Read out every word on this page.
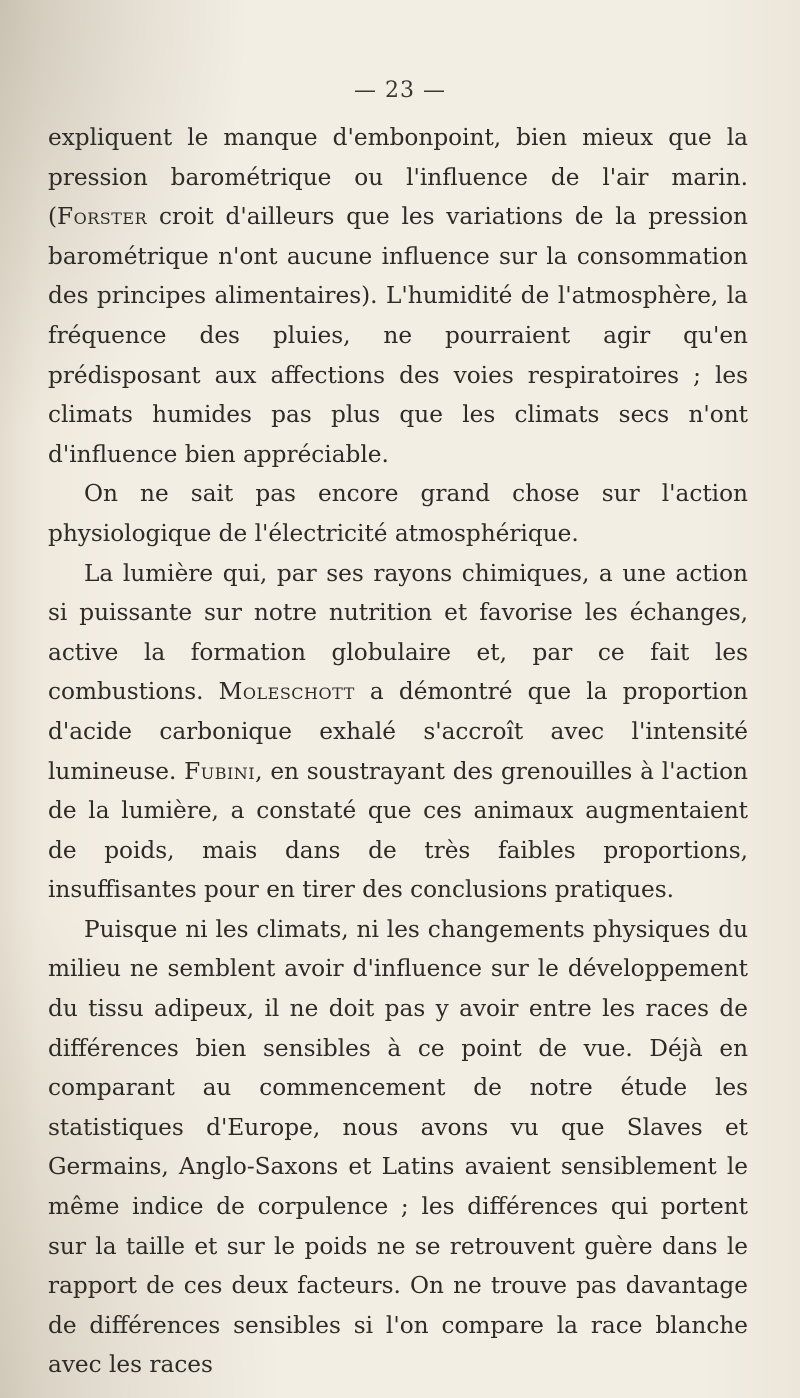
— 23 —

expliquent le manque d'embonpoint, bien mieux que la pression barométrique ou l'influence de l'air marin. (Forster croit d'ailleurs que les variations de la pression barométrique n'ont aucune influence sur la consommation des principes alimentaires). L'humidité de l'atmosphère, la fréquence des pluies, ne pourraient agir qu'en prédisposant aux affections des voies respiratoires ; les climats humides pas plus que les climats secs n'ont d'influence bien appréciable.

On ne sait pas encore grand chose sur l'action physiologique de l'électricité atmosphérique.

La lumière qui, par ses rayons chimiques, a une action si puissante sur notre nutrition et favorise les échanges, active la formation globulaire et, par ce fait les combustions. Moleschott a démontré que la proportion d'acide carbonique exhalé s'accroît avec l'intensité lumineuse. Fubini, en soustrayant des grenouilles à l'action de la lumière, a constaté que ces animaux augmentaient de poids, mais dans de très faibles proportions, insuffisantes pour en tirer des conclusions pratiques.

Puisque ni les climats, ni les changements physiques du milieu ne semblent avoir d'influence sur le développement du tissu adipeux, il ne doit pas y avoir entre les races de différences bien sensibles à ce point de vue. Déjà en comparant au commencement de notre étude les statistiques d'Europe, nous avons vu que Slaves et Germains, Anglo-Saxons et Latins avaient sensiblement le même indice de corpulence ; les différences qui portent sur la taille et sur le poids ne se retrouvent guère dans le rapport de ces deux facteurs. On ne trouve pas davantage de différences sensibles si l'on compare la race blanche avec les races
